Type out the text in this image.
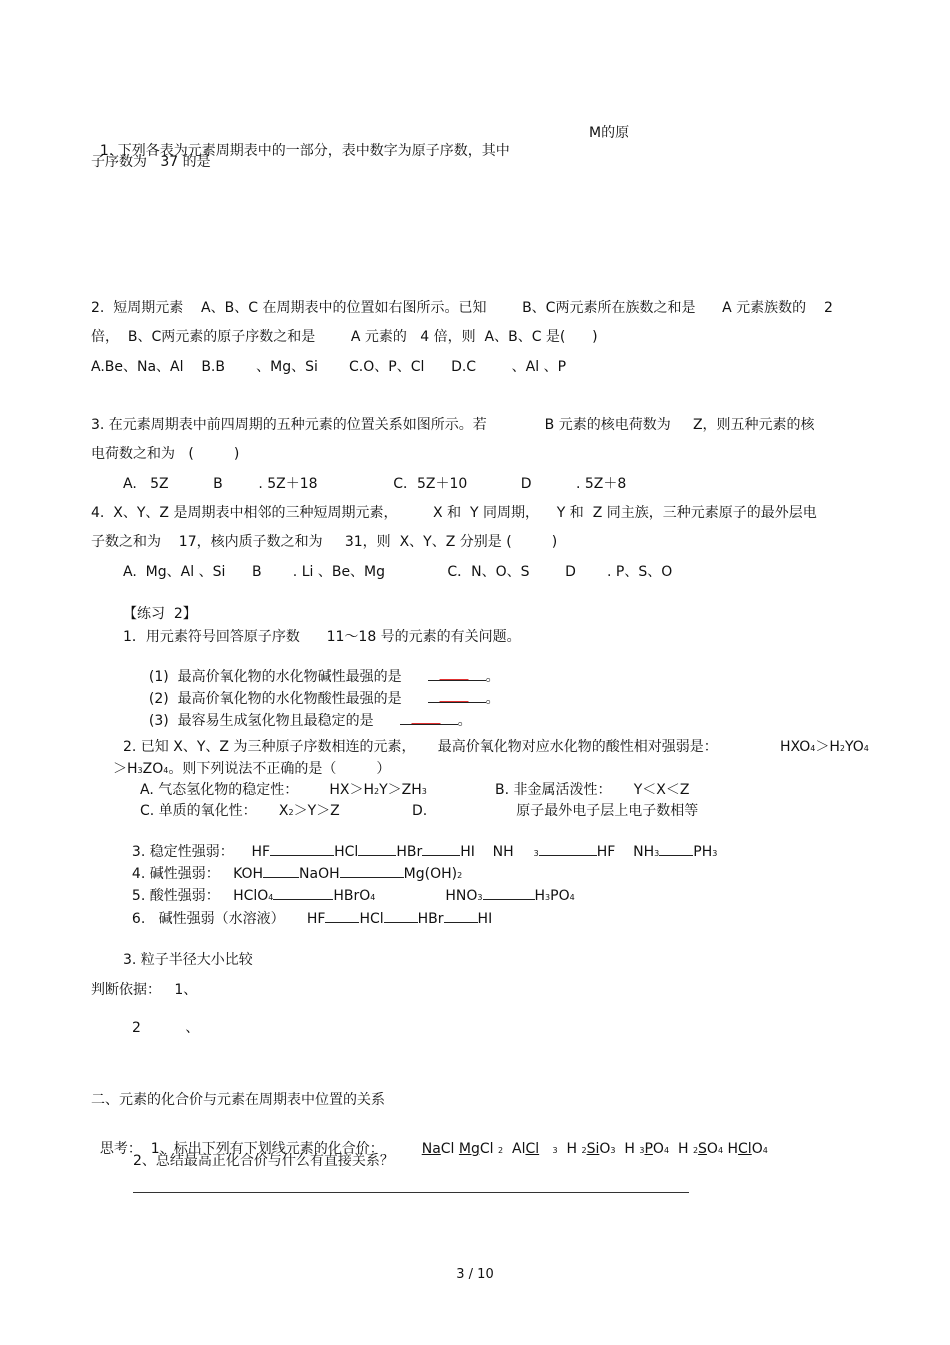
1. 下列各表为元素周期表中的一部分，表中数字为原子序数，其中

M的原
子序数为   37 的是
2.  短周期元素    A、B、C 在周期表中的位置如右图所示。已知        B、C两元素所在族数之和是      A 元素族数的    2
倍，  B、C两元素的原子序数之和是        A 元素的   4 倍，则  A、B、C 是(      )
A.Be、Na、Al    B.B       、Mg、Si       C.O、P、Cl      D.C        、Al 、P
3. 在元素周期表中前四周期的五种元素的位置关系如图所示。若             B 元素的核电荷数为     Z，则五种元素的核
电荷数之和为   (         )
A.   5Z          B        . 5Z＋18                 C．5Z＋10            D          . 5Z＋8
4.  X、Y、Z 是周期表中相邻的三种短周期元素，        X 和  Y 同周期，    Y 和  Z 同主族，三种元素原子的最外层电
子数之和为    17，核内质子数之和为     31，则  X、Y、Z 分别是 (         )
A.  Mg、Al 、Si      B       . Li 、Be、Mg              C．N、O、S        D       . P、S、O
【练习  2】
1．用元素符号回答原子序数      11～18 号的元素的有关问题。

(1)  最高价氧化物的水化物碱性最强的是	。

(2)  最高价氧化物的水化物酸性最强的是	。

(3)  最容易生成氢化物且最稳定的是	。

2. 已知 X、Y、Z 为三种原子序数相连的元素，     最高价氧化物对应水化物的酸性相对强弱是：	HXO4＞H2YO4
＞H3ZO4。则下列说法不正确的是（         ）
A. 气态氢化物的稳定性：       HX＞H2Y＞ZH3	B. 非金属活泼性：     Y＜X＜Z
C. 单质的氧化性：     X2＞Y＞Z	D.                    原子最外电子层上电子数相等

3. 稳定性强弱：    HF	HCl	HBr	HI    NH	3	HF    NH3 PH3

4. 碱性强弱：   KOH	NaOH	Mg(OH)2

5. 酸性强弱：   HClO4	HBrO4	HNO3	H3PO4

6.   碱性强弱（水溶液）     HF HCl HBr HI

3. 粒子半径大小比较
判断依据：   1、
2          、
二、元素的化合价与元素在周期表中位置的关系

思考：  1、标出下列有下划线元素的化合价：	NaCl MgCl 2 AlCl 3 H 2SiO3 H 3PO4 H 2SO4 HClO4

2、总结最高正化合价与什么有直接关系？
3 / 10
